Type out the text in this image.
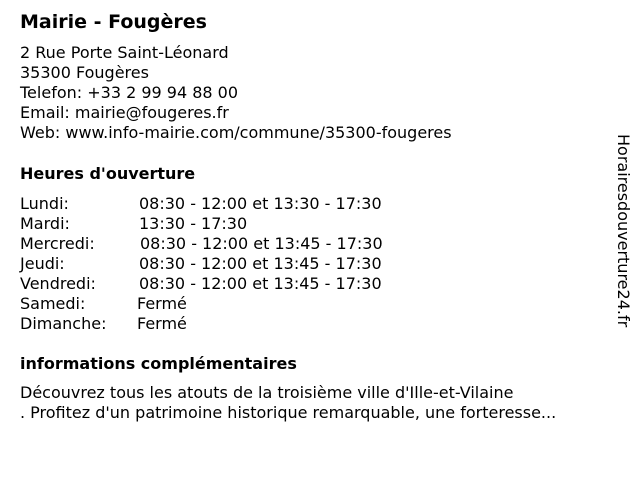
Mairie - Fougères
2 Rue Porte Saint-Léonard
35300 Fougères
Telefon: +33 2 99 94 88 00
Email: mairie@fougeres.fr
Web: www.info-mairie.com/commune/35300-fougeres
Heures d'ouverture
Lundi:	08:30 - 12:00 et 13:30 - 17:30
Mardi:	13:30 - 17:30
Mercredi:	08:30 - 12:00 et 13:45 - 17:30
Jeudi:	08:30 - 12:00 et 13:45 - 17:30
Vendredi:	08:30 - 12:00 et 13:45 - 17:30
Samedi:	Fermé
Dimanche: Fermé
informations complémentaires
Découvrez tous les atouts de la troisième ville d'Ille-et-Vilaine
. Profitez d'un patrimoine historique remarquable, une forteresse...
Horairesdouverture24.fr
